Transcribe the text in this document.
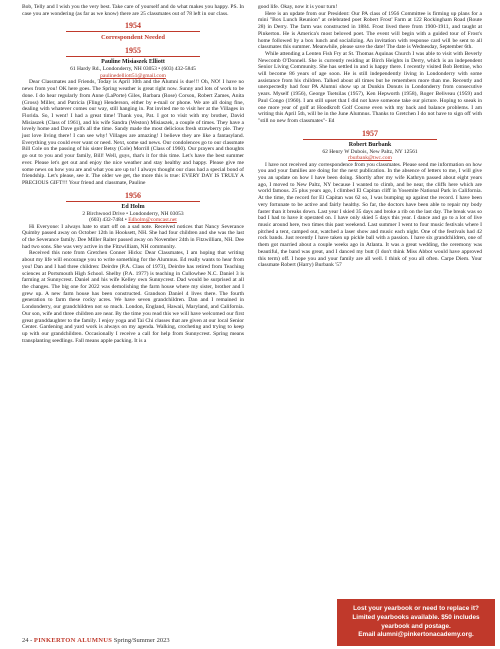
Bob, Telly and I wish you the very best. Take care of yourself and do what makes you happy. PS. In case you are wondering (as far as we know) there are 25 classmates out of 78 left in our class.

1954
Correspondent Needed
1955
Pauline Misiaszek Elliott
61 Hardy Rd., Londonderry, NH 03053 • (603) 432-5845
paulinedelliott51@gmail.com

Dear Classmates and Friends, Today is April 10th and the Alumni is due!!! Oh, NO! I have no news from you! OK here goes. The Spring weather is great right now. Sunny and lots of work to be done. I do hear regularly from Anne (LaPorte) Giles, Barbara (Rose) Corson, Robert Zames, Anita (Gross) Miller, and Patricia (Fling) Henderson, either by e-mail or phone. We are all doing fine, dealing with whatever comes our way, still hanging in. Pat invited me to visit her at the Villages in Florida. So, I went! I had a great time! Thank you, Pat. I got to visit with my brother, David Misiaszek (Class of 1961), and his wife Sandra (Weston) Misiaszek, a couple of times. They have a lovely home and Dave golfs all the time. Sandy made the most delicious fresh strawberry pie. They just love living there! I can see why! Villages are amazing! I believe they are like a fantasyland. Everything you could ever want or need. Next, some sad news. Our condolences go to our classmate Bill Cole on the passing of his sister Betsy (Cole) Morrill (Class of 1960). Our prayers and thoughts go out to you and your family, Bill! Well, guys, that's it for this time. Let's have the best summer ever. Please let's get out and enjoy the nice weather and stay healthy and happy. Please give me some news on how you are and what you are up to! I always thought our class had a special bond of friendship. Let's please, see it. The older we get, the more this is true: EVERY DAY IS TRULY A PRECIOUS GIFT!!! Your friend and classmate, Pauline

1956
Ed Holm
2 Birchwood Drive • Londonderry, NH 03053
(603) 432-7484 • Edholm@comcast.net

Hi Everyone: I always hate to start off on a sad note. Received notices that Nancy Severance Quimby passed away on October 12th in Hooksett, NH. She had four children and she was the last of the Severance family. Dee Miller Raiter passed away on November 24th in Fitzwilliam, NH. Dee had two sons. She was very active in the Fitzwilliam, NH community.

Received this note from Gretchen Conner Hicks: Dear Classmates, I am hoping that writing about my life will encourage you to write something for the Alumnus. Ed really wants to hear from you! Dan and I had three children: Deirdre (P.A. Class of 1973), Deirdre has retired from Teaching sciences at Portsmouth High School. Shelby (P.A. 1977) is teaching in Cullowhee N.C. Daniel 3 is farming at Sunnycrest. Daniel and his wife Kelley own Sunnycrest. Dad would be surprised at all the changes. The big one for 2022 was demolishing the farm house where my sister, brother and I grew up. A new farm house has been constructed. Grandson Daniel 4 lives there. The fourth generation to farm these rocky acres. We have seven grandchildren. Dan and I remained in Londonderry, our grandchildren not so much. London, England, Hawaii, Maryland, and California. Our son, wife and three children are near. By the time you read this we will have welcomed our first great granddaughter to the family. I enjoy yoga and Tai Chi classes that are given at our local Senior Center. Gardening and yard work is always on my agenda. Walking, crocheting and trying to keep up with our grandchildren. Occasionally I receive a call for help from Sunnycrest. Spring means transplanting seedlings. Fall means apple packing. It is a

good life. Okay, now it is your turn!

Here is an update from our President: Our PA class of 1956 Committee is firming up plans for a mini "Box Lunch Reunion" at celebrated poet Robert Frost' Farm at 122 Rockingham Road (Route 28) in Derry. The farm was constructed in 1884. Frost lived there from 1900-1911, and taught at Pinkerton. He is America's most beloved poet. The event will begin with a guided tour of Frost's home followed by a box lunch and socializing. An invitation with response card will be sent to all classmates this summer. Meanwhile, please save the date! The date is Wednesday, September 6th.

While attending a Lenten Fish Fry at St. Thomas Aquinas Church I was able to visit with Beverly Newcomb O'Donnell. She is currently residing at Birch Heights in Derry, which is an independent Senior Living Community. She has settled in and is happy there. I recently visited Bob Bettine, who will become 86 years of age soon. He is still independently living in Londonderry with some assistance from his children. Talked about all times but he remembers more than me. Recently and unexpectedly had four PA Alumni show up at Dunkin Donuts in Londonderry from consecutive years. Myself (1956), George Tsetsilas (1957), Ken Hepworth (1958), Roger Beliveau (1959) and Paul Congo (1960). I am still upset that I did not have someone take our picture. Hoping to sneak in one more year of golf at Hoodkroft Golf Course even with my back and balance problems. I am writing this April 5th, will be in the June Alumnus. Thanks to Gretchen I do not have to sign off with "still no new from classmates"- Ed

1957
Robert Burbank
62 Henry W Dubois, New Paltz, NY 12561
rburbank@twc.com

I have not received any correspondence from you classmates. Please send me information on how you and your families are doing for the next publication. In the absence of letters to me, I will give you an update on how I have been doing. Shortly after my wife Kathryn passed about eight years ago, I moved to New Paltz, NY because I wanted to climb, and be near, the cliffs here which are world famous. 25 plus years ago, I climbed El Capitan cliff in Yosemite National Park in California. At the time, the record for El Capitan was 62 so, I was bumping up against the record. I have been very fortunate to be active and fairly healthy. So far, the doctors have been able to repair my body faster than it breaks down. Last year I skied 35 days and broke a rib on the last day. The break was so bad I had to have it operated on. I have only skied 5 days this year. I dance and go to a lot of live music around here, two times this past weekend. Last summer I went to four music festivals where I pitched a tent, camped out, watched a laser show and music each night. One of the festivals had 42 rock bands. Just recently I have taken up pickle ball with a passion. I have six grandchildren, one of them got married about a couple weeks ago in Atlanta. It was a great wedding, the ceremony was beautiful, the band was great, and I danced my butt (I don't think Miss Abbot would have approved this term) off. I hope you and your family are all well. I think of you all often. Carpe Diem. Your classmate Robert (Harry) Burbank '57

24 - PINKERTON ALUMNUS Spring/Summer 2023
Lost your yearbook or need to replace it?
Limited yearbooks available. $50 includes
yearbook and postage.
Email alumni@pinkertonacademy.org.
